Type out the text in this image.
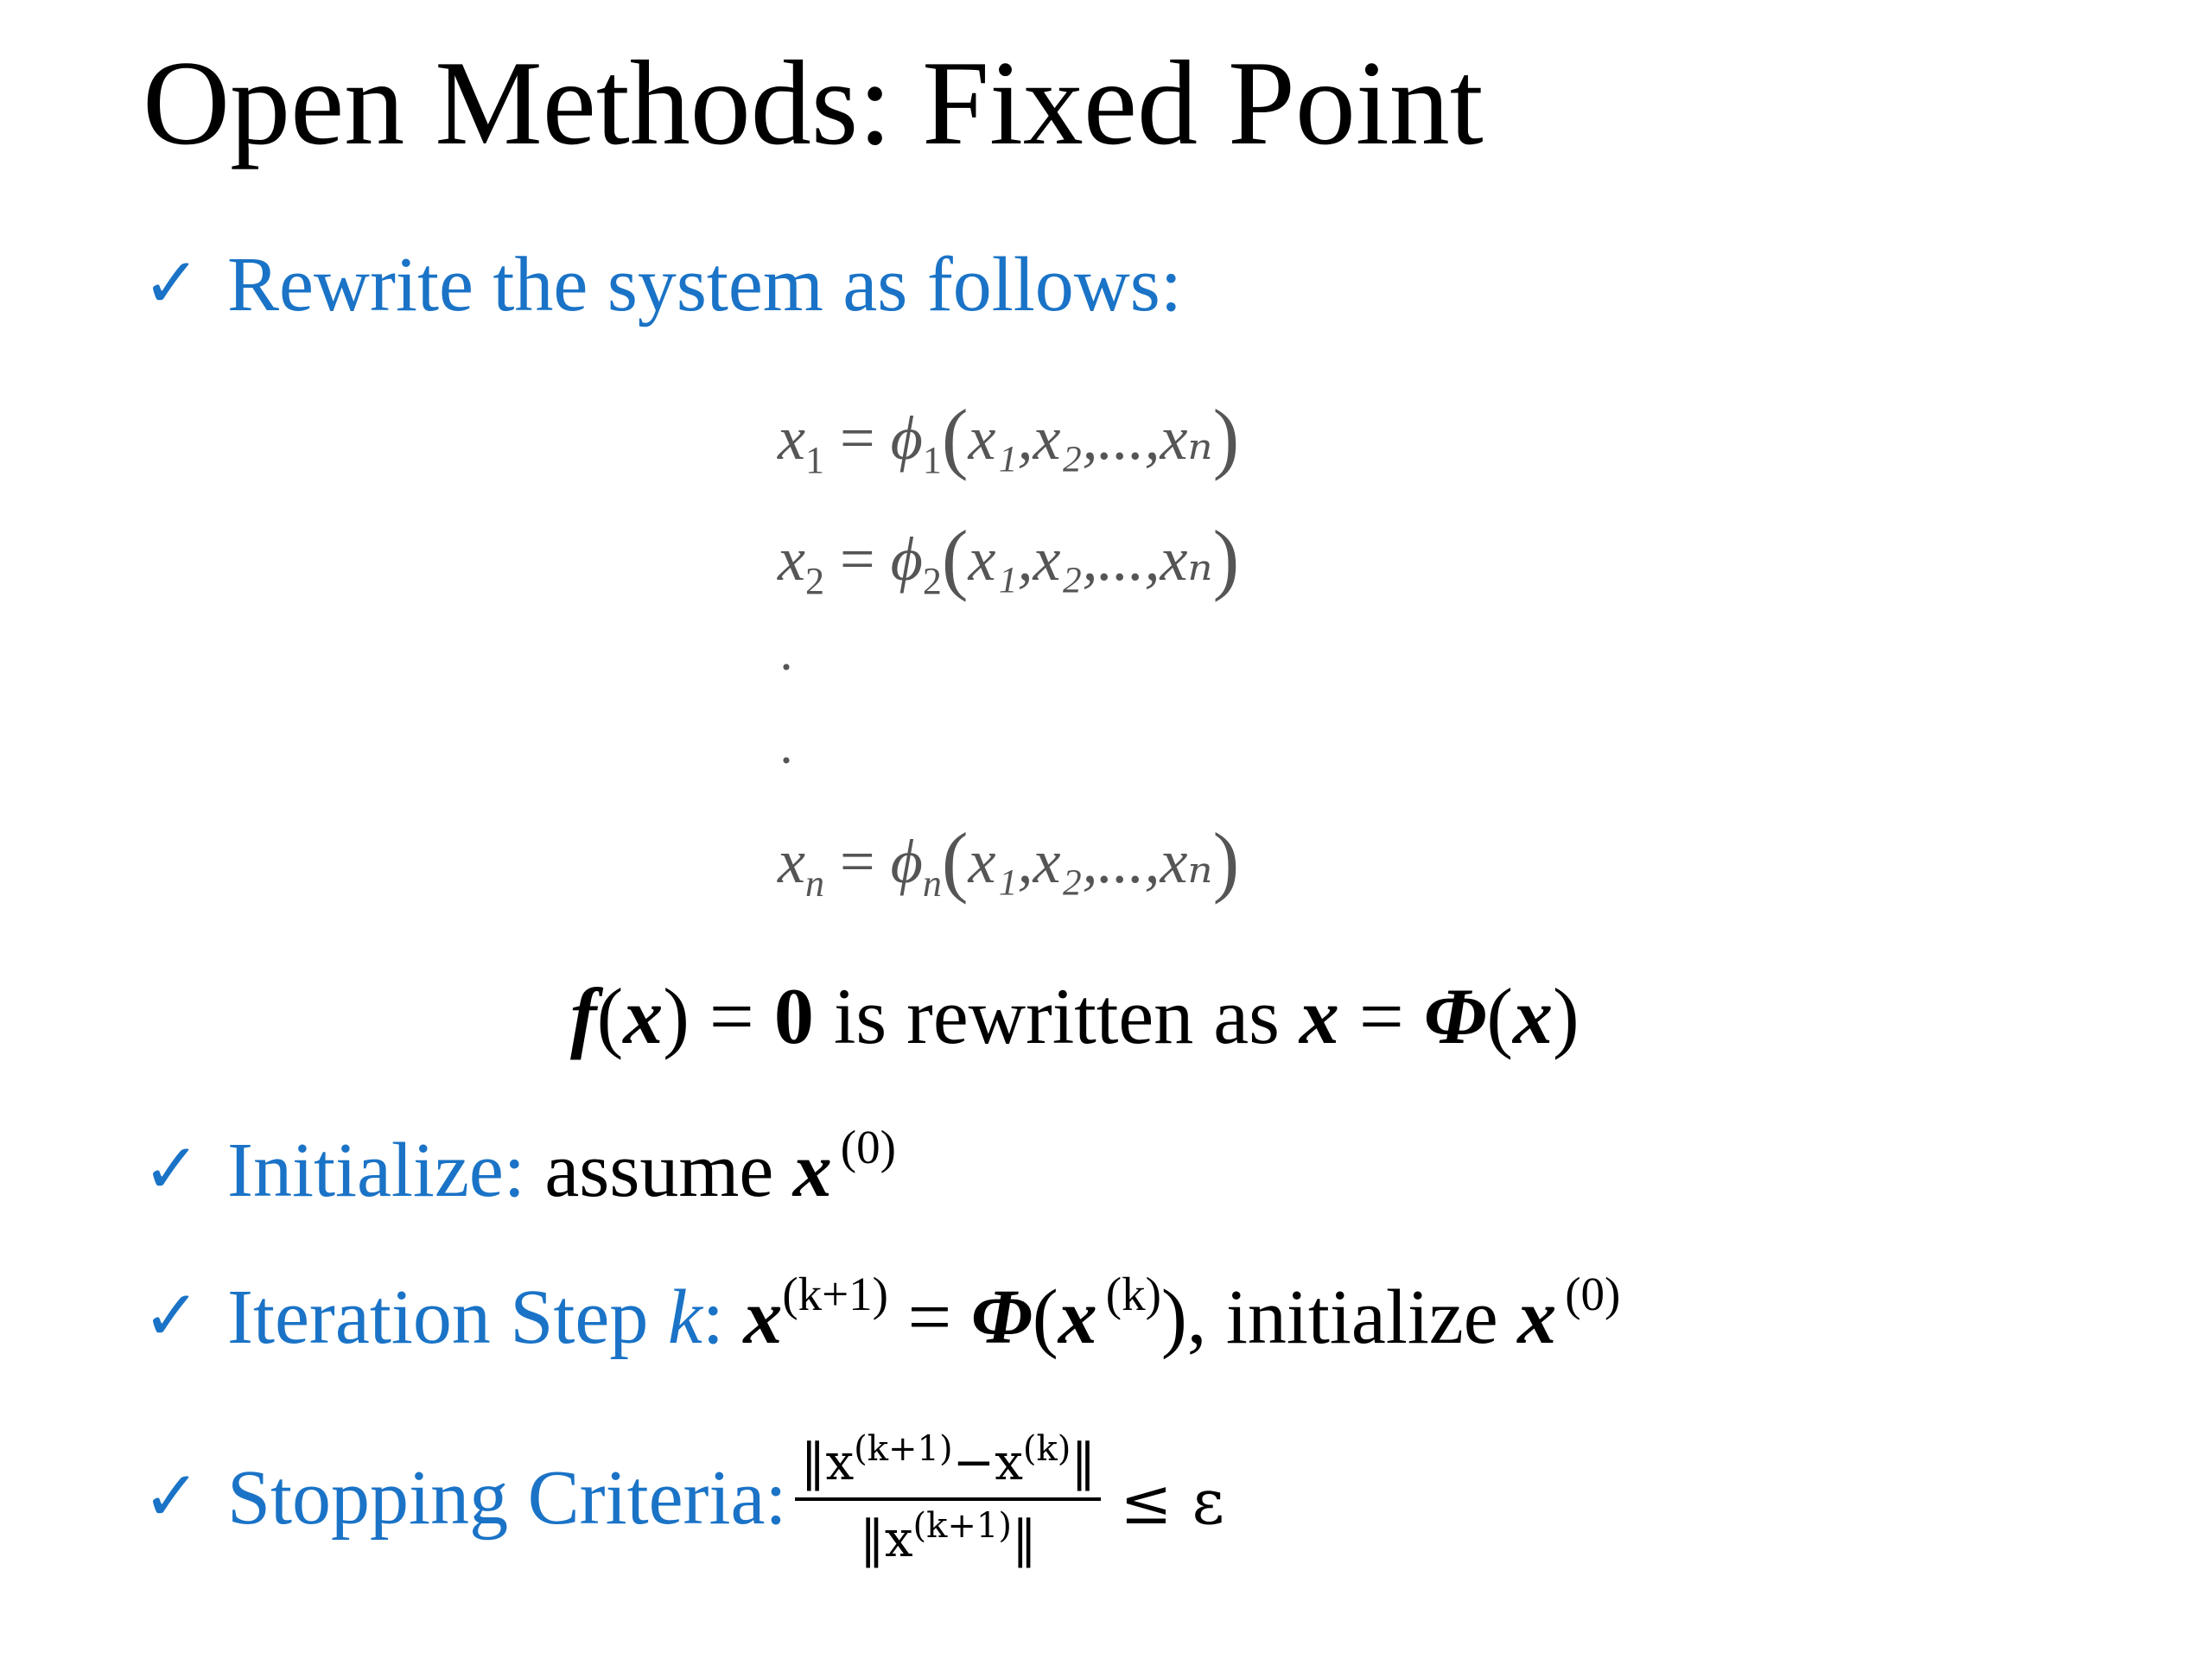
Open Methods: Fixed Point
✓ Rewrite the system as follows:
$x_1 = \phi_1(x_1,x_2,...,x_n)$
$x_2 = \phi_2(x_1,x_2,...,x_n)$
·
·
$x_n = \phi_n(x_1,x_2,...,x_n)$
f(x) = 0 is rewritten as x = Φ(x)
✓ Initialize: assume x $^{(0)}$
✓ Iteration Step k: $x^{(k+1)} = \Phi(x$ $^{(k)}$), initialize x $^{(0)}$
✓ Stopping Criteria: $\frac{‖x^{(k+1)}-x^{(k)}‖}{‖x^{(k+1)}‖} \le \varepsilon$
